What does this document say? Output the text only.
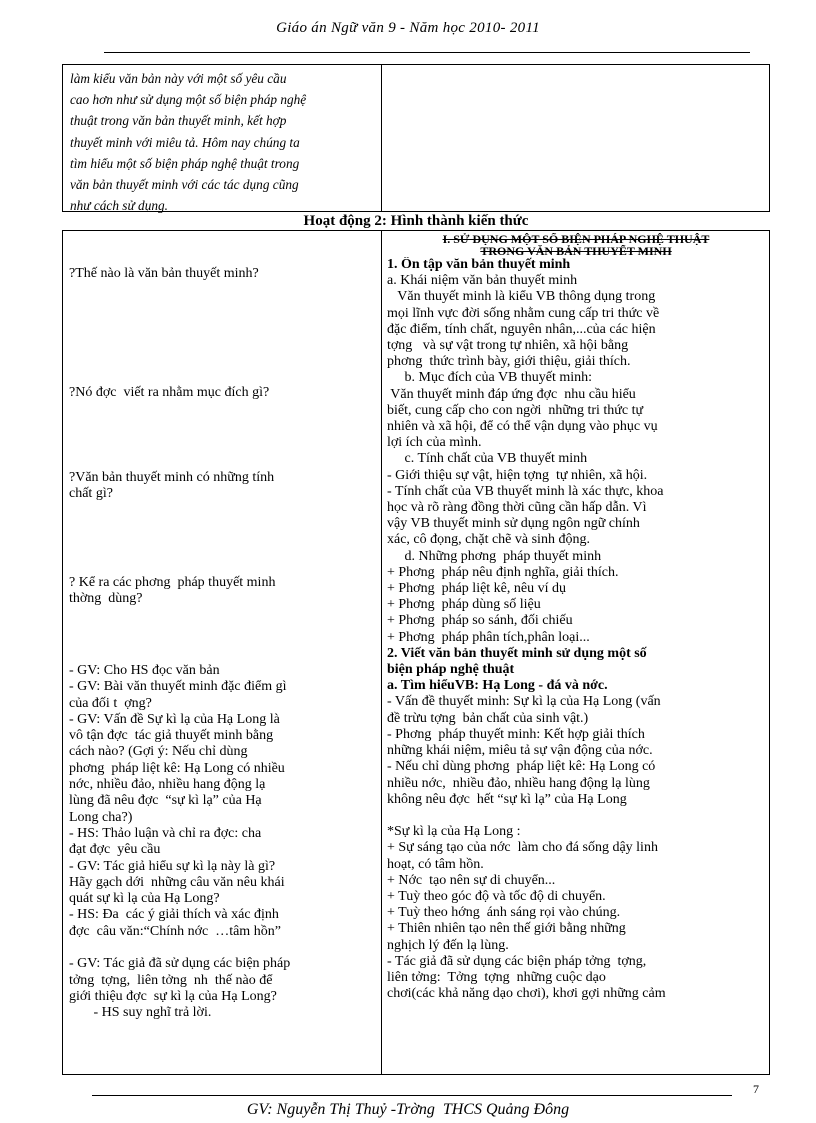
Giáo án Ngữ văn 9 - Năm học 2010- 2011
làm kiểu văn bản này với một số yêu cầu
cao hơn như sử dụng một số biện pháp nghệ
thuật trong văn bản thuyết minh, kết hợp
thuyết minh với miêu tả. Hôm nay chúng ta
tìm hiểu một số biện pháp nghệ thuật trong
văn bản thuyết minh với các tác dụng cũng
như cách sử dụng.
Hoạt động 2: Hình thành kiến thức
?Thế nào là văn bản thuyết minh?
?Nó đợc  viết ra nhằm mục đích gì?
?Văn bản thuyết minh có những tính
chất gì?
? Kể ra các phơng  pháp thuyết minh
thờng  dùng?
- GV: Cho HS đọc văn bản
- GV: Bài văn thuyết minh đặc điểm gì
của đối t  ợng?
- GV: Vấn đề Sự kì lạ của Hạ Long là
vô tận đợc  tác giả thuyết minh bằng
cách nào? (Gợi ý: Nếu chỉ dùng
phơng  pháp liệt kê: Hạ Long có nhiều
nớc, nhiều đảo, nhiều hang động lạ
lùng đã nêu đợc  “sự kì lạ” của Hạ
Long cha?)
- HS: Thảo luận và chỉ ra đợc: cha
đạt đợc  yêu cầu
- GV: Tác giả hiểu sự kì lạ này là gì?
Hãy gạch dới  những câu văn nêu khái
quát sự kì lạ của Hạ Long?
- HS: Đa  các ý giải thích và xác định
đợc  câu văn:“Chính nớc  …tâm hồn”

- GV: Tác giả đã sử dụng các biện pháp
tởng  tợng,  liên tởng  nh  thế nào để
giới thiệu đợc  sự kì lạ của Hạ Long?
- HS suy nghĩ trả lời.
I. SỬ DỤNG MỘT SỐ BIỆN PHÁP NGHỆ THUẬT
TRONG VĂN BẢN THUYẾT MINH
1. Ôn tập văn bản thuyết minh
a. Khái niệm văn bản thuyết minh
Văn thuyết minh là kiểu VB thông dụng trong
mọi lĩnh vực đời sống nhằm cung cấp tri thức về
đặc điểm, tính chất, nguyên nhân,...của các hiện
tợng   và sự vật trong tự nhiên, xã hội bằng
phơng  thức trình bày, giới thiệu, giải thích.
b. Mục đích của VB thuyết minh:
Văn thuyết minh đáp ứng đợc  nhu cầu hiểu
biết, cung cấp cho con ngời  những tri thức tự
nhiên và xã hội, để có thể vận dụng vào phục vụ
lợi ích của mình.
c. Tính chất của VB thuyết minh
- Giới thiệu sự vật, hiện tợng  tự nhiên, xã hội.
- Tính chất của VB thuyết minh là xác thực, khoa
học và rõ ràng đồng thời cũng cần hấp dẫn. Vì
vậy VB thuyết minh sử dụng ngôn ngữ chính
xác, cô đọng, chặt chẽ và sinh động.
d. Những phơng  pháp thuyết minh
+ Phơng  pháp nêu định nghĩa, giải thích.
+ Phơng  pháp liệt kê, nêu ví dụ
+ Phơng  pháp dùng số liệu
+ Phơng  pháp so sánh, đối chiếu
+ Phơng  pháp phân tích,phân loại...
2. Viết văn bản thuyết minh sử dụng một số
biện pháp nghệ thuật
a. Tìm hiểuVB: Hạ Long - đá và nớc.
- Vấn đề thuyết minh: Sự kì lạ của Hạ Long (vấn
đề trừu tợng  bản chất của sinh vật.)
- Phơng  pháp thuyết minh: Kết hợp giải thích
những khái niệm, miêu tả sự vận động của nớc.
- Nếu chỉ dùng phơng  pháp liệt kê: Hạ Long có
nhiều nớc,  nhiều đảo, nhiều hang động lạ lùng
không nêu đợc  hết “sự kì lạ” của Hạ Long

*Sự kì lạ của Hạ Long :
+ Sự sáng tạo của nớc  làm cho đá sống dậy linh
hoạt, có tâm hồn.
+ Nớc  tạo nên sự di chuyển...
+ Tuỳ theo góc độ và tốc độ di chuyển.
+ Tuỳ theo hớng  ánh sáng rọi vào chúng.
+ Thiên nhiên tạo nên thế giới bằng những
nghịch lý đến lạ lùng.
- Tác giả đã sử dụng các biện pháp tởng  tợng,
liên tởng:  Tởng  tợng  những cuộc dạo
chơi(các khả năng dạo chơi), khơi gợi những cảm
7
GV: Nguyễn Thị Thuỷ -Trờng  THCS Quảng Đông
